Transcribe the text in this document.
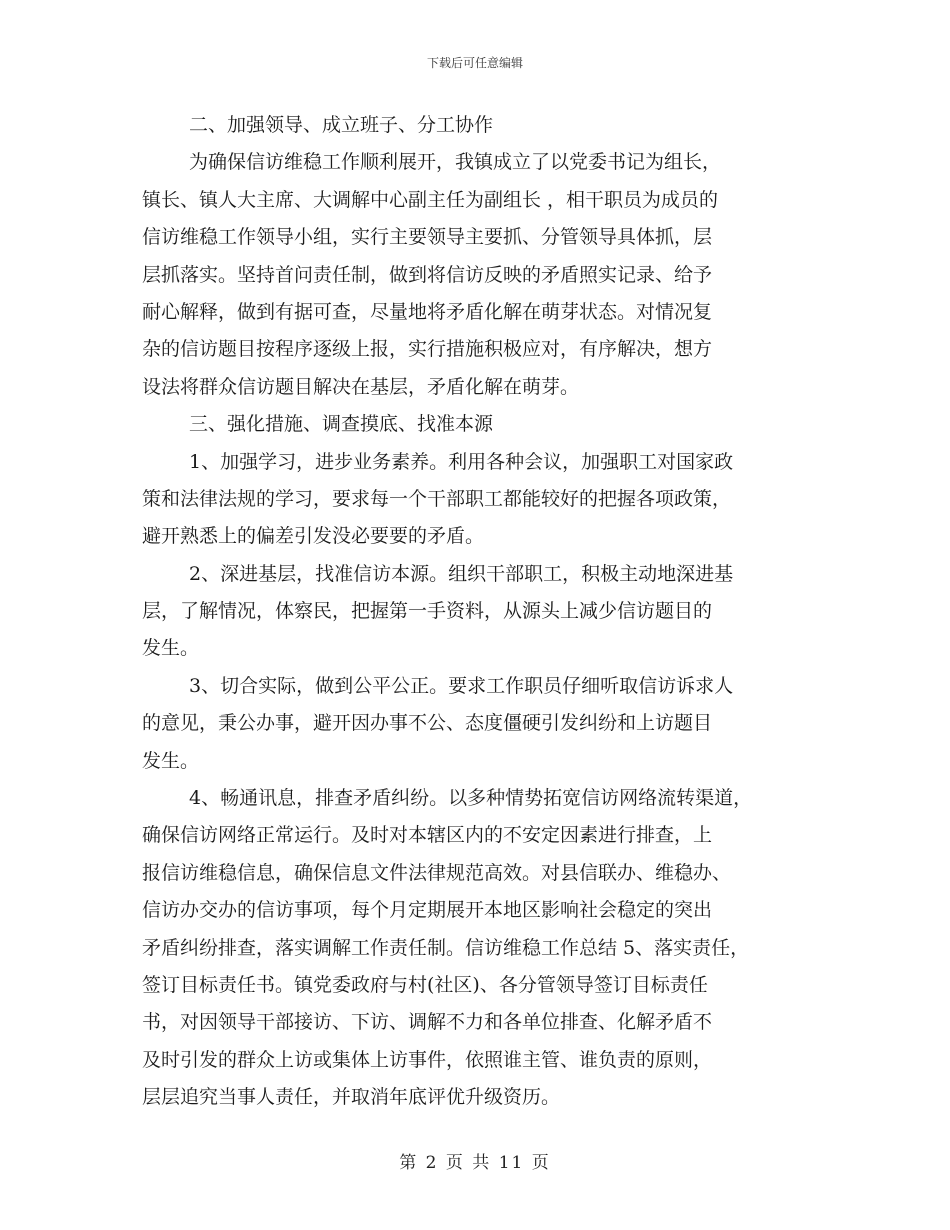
下载后可任意编辑
二、加强领导、成立班子、分工协作
为确保信访维稳工作顺利展开，我镇成立了以党委书记为组长，
镇长、镇人大主席、大调解中心副主任为副组长 ，相干职员为成员的
信访维稳工作领导小组，实行主要领导主要抓、分管领导具体抓，层
层抓落实。坚持首问责任制，做到将信访反映的矛盾照实记录、给予
耐心解释，做到有据可查，尽量地将矛盾化解在萌芽状态。对情况复
杂的信访题目按程序逐级上报，实行措施积极应对，有序解决，想方
设法将群众信访题目解决在基层，矛盾化解在萌芽。
三、强化措施、调查摸底、找准本源
1、加强学习，进步业务素养。利用各种会议，加强职工对国家政
策和法律法规的学习，要求每一个干部职工都能较好的把握各项政策，
避开熟悉上的偏差引发没必要要的矛盾。
2、深进基层，找准信访本源。组织干部职工，积极主动地深进基
层，了解情况，体察民，把握第一手资料，从源头上减少信访题目的
发生。
3、切合实际，做到公平公正。要求工作职员仔细听取信访诉求人
的意见，秉公办事，避开因办事不公、态度僵硬引发纠纷和上访题目
发生。
4、畅通讯息，排查矛盾纠纷。以多种情势拓宽信访网络流转渠道，
确保信访网络正常运行。及时对本辖区内的不安定因素进行排查，上
报信访维稳信息，确保信息文件法律规范高效。对县信联办、维稳办、
信访办交办的信访事项，每个月定期展开本地区影响社会稳定的突出
矛盾纠纷排查，落实调解工作责任制。信访维稳工作总结 5、落实责任，
签订目标责任书。镇党委政府与村(社区)、各分管领导签订目标责任
书，对因领导干部接访、下访、调解不力和各单位排查、化解矛盾不
及时引发的群众上访或集体上访事件，依照谁主管、谁负责的原则，
层层追究当事人责任，并取消年底评优升级资历。
第 2 页 共 11 页
